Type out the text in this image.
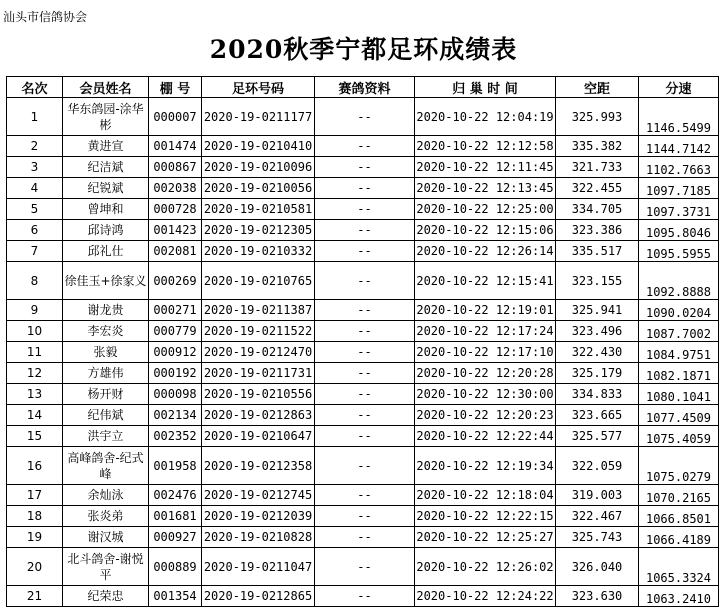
汕头市信鸽协会
2020秋季宁都足环成绩表
名次	会员姓名	棚 号	足环号码	赛鸽资料	归 巢 时 间	空距	分速
1	华东鸽园-涂华彬	000007	2020-19-0211177	--	2020-10-22 12:04:19	325.993	1146.5499
2	黄进宣	001474	2020-19-0210410	--	2020-10-22 12:12:58	335.382	1144.7142
3	纪洁斌	000867	2020-19-0210096	--	2020-10-22 12:11:45	321.733	1102.7663
4	纪锐斌	002038	2020-19-0210056	--	2020-10-22 12:13:45	322.455	1097.7185
5	曾坤和	000728	2020-19-0210581	--	2020-10-22 12:25:00	334.705	1097.3731
6	邱诗鸿	001423	2020-19-0212305	--	2020-10-22 12:15:06	323.386	1095.8046
7	邱礼仕	002081	2020-19-0210332	--	2020-10-22 12:26:14	335.517	1095.5955
8	徐佳玉+徐家义	000269	2020-19-0210765	--	2020-10-22 12:15:41	323.155	1092.8888
9	谢龙贵	000271	2020-19-0211387	--	2020-10-22 12:19:01	325.941	1090.0204
10	李宏炎	000779	2020-19-0211522	--	2020-10-22 12:17:24	323.496	1087.7002
11	张毅	000912	2020-19-0212470	--	2020-10-22 12:17:10	322.430	1084.9751
12	方雄伟	000192	2020-19-0211731	--	2020-10-22 12:20:28	325.179	1082.1871
13	杨开财	000098	2020-19-0210556	--	2020-10-22 12:30:00	334.833	1080.1041
14	纪伟斌	002134	2020-19-0212863	--	2020-10-22 12:20:23	323.665	1077.4509
15	洪宇立	002352	2020-19-0210647	--	2020-10-22 12:22:44	325.577	1075.4059
16	高峰鸽舍-纪式峰	001958	2020-19-0212358	--	2020-10-22 12:19:34	322.059	1075.0279
17	余灿泳	002476	2020-19-0212745	--	2020-10-22 12:18:04	319.003	1070.2165
18	张炎弟	001681	2020-19-0212039	--	2020-10-22 12:22:15	322.467	1066.8501
19	谢汉城	000927	2020-19-0210828	--	2020-10-22 12:25:27	325.743	1066.4189
20	北斗鸽舍-谢悦平	000889	2020-19-0211047	--	2020-10-22 12:26:02	326.040	1065.3324
21	纪荣忠	001354	2020-19-0212865	--	2020-10-22 12:24:22	323.630	1063.2410
